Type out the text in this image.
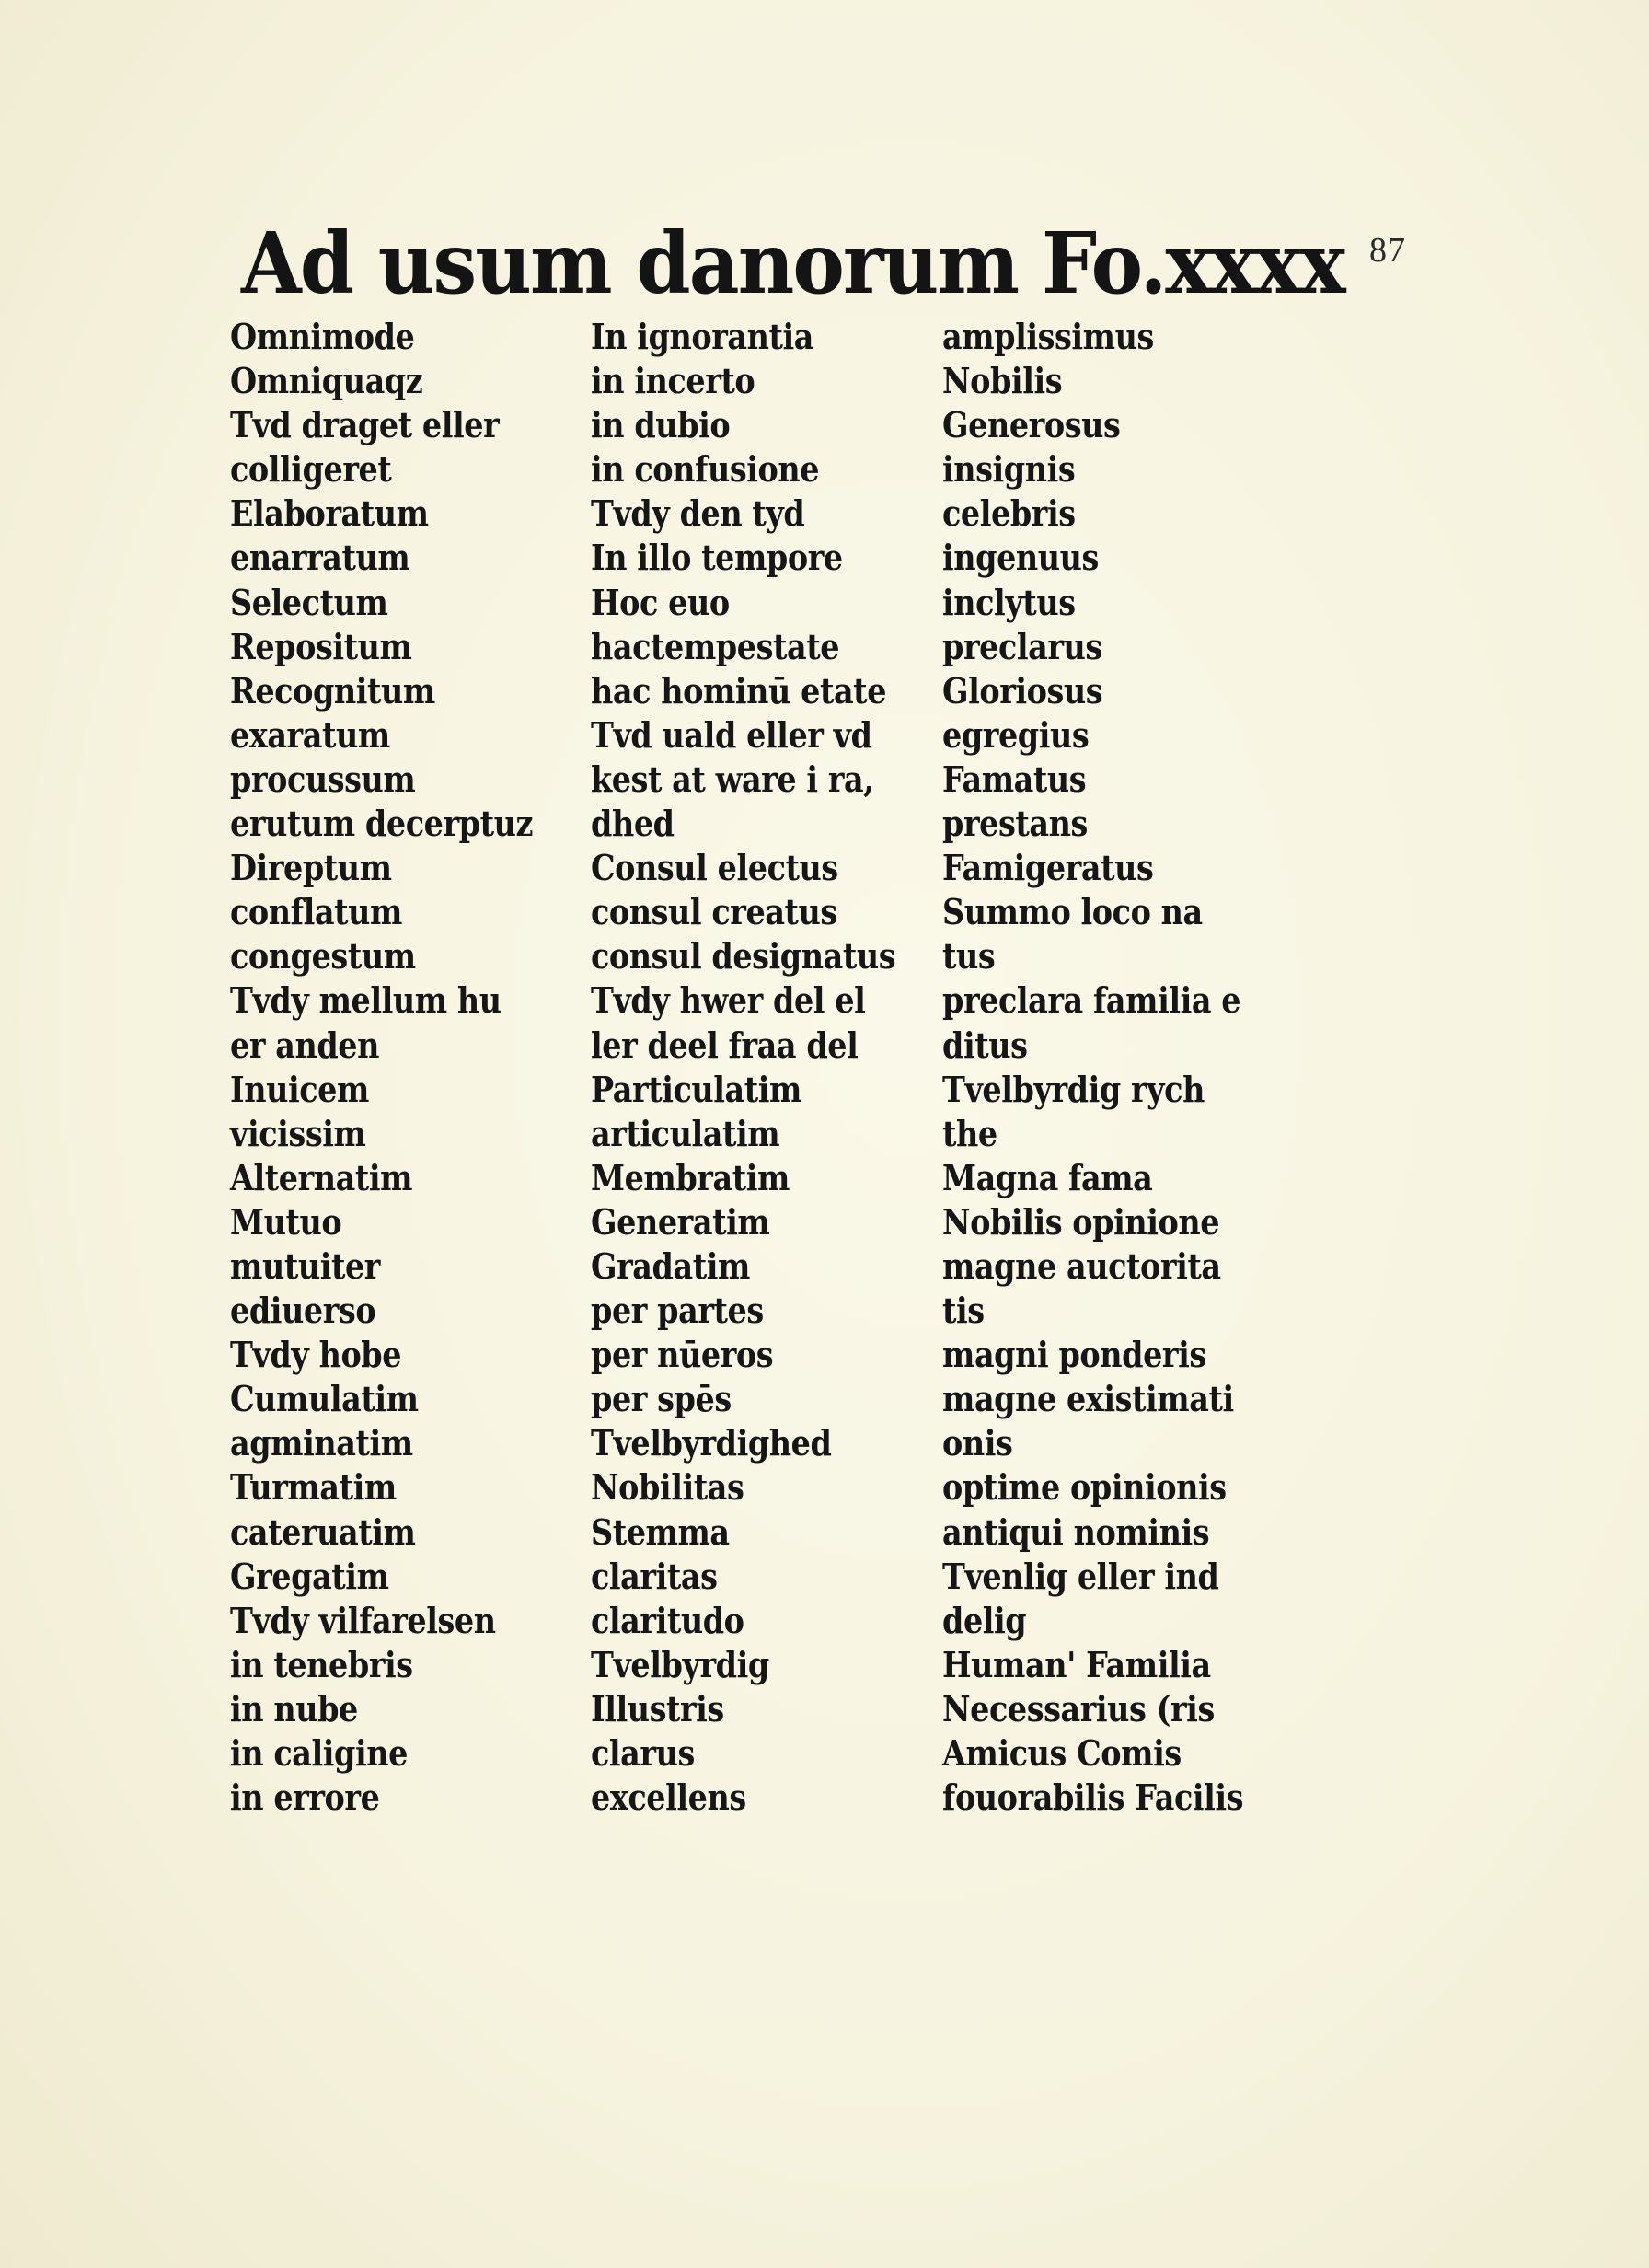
Ad usum danorum Fo.xxxx 87
Omnimode
Omniquaqz
Tvd draget eller
colligeret
Elaboratum
enarratum
Selectum
Repositum
Recognitum
exaratum
procussum
erutum decerptuz
Direptum
conflatum
congestum
Tvdy mellum hu
er anden
Inuicem
vicissim
Alternatim
Mutuo
mutuiter
ediuerso
Tvdy hobe
Cumulatim
agminatim
Turmatim
cateruatim
Gregatim
Tvdy vilfarelsen
in tenebris
in nube
in caligine
in errore
In ignorantia
in incerto
in dubio
in confusione
Tvdy den tyd
In illo tempore
Hoc euo
hactempestate
hac hominū etate
Tvd uald eller vd
kest at ware i ra,
dhed
Consul electus
consul creatus
consul designatus
Tvdy hwer del el
ler deel fraa del
Particulatim
articulatim
Membratim
Generatim
Gradatim
per partes
per nūeros
per spēs
Tvelbyrdighed
Nobilitas
Stemma
claritas
claritudo
Tvelbyrdig
Illustris
clarus
excellens
amplissimus
Nobilis
Generosus
insignis
celebris
ingenuus
inclytus
preclarus
Gloriosus
egregius
Famatus
prestans
Famigeratus
Summo loco na
tus
preclara familia e
ditus
Tvelbyrdig rych
the
Magna fama
Nobilis opinione
magne auctorita
tis
magni ponderis
magne existimati
onis
optime opinionis
antiqui nominis
Tvenlig eller ind
delig
Human' Familia
Necessarius (ris
Amicus Comis
fouorabilis Facilis
